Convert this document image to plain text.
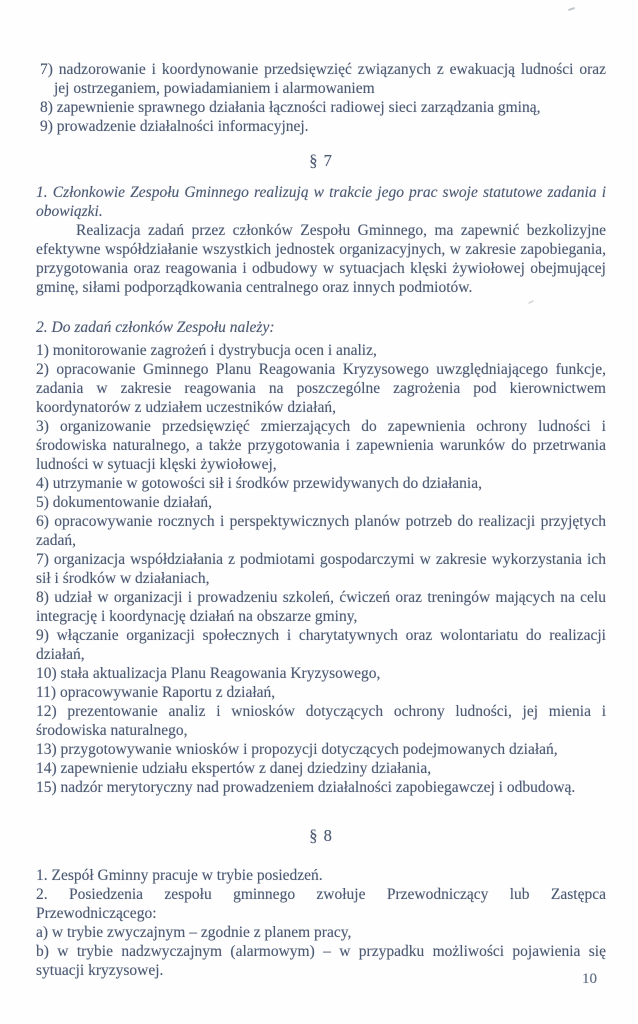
7) nadzorowanie i koordynowanie przedsięwzięć związanych z ewakuacją ludności oraz jej ostrzeganiem, powiadamianiem i alarmowaniem
8) zapewnienie sprawnego działania łączności radiowej sieci zarządzania gminą,
9) prowadzenie działalności informacyjnej.
§ 7
1. Członkowie Zespołu Gminnego realizują w trakcie jego prac swoje statutowe zadania i obowiązki.
Realizacja zadań przez członków Zespołu Gminnego, ma zapewnić bezkolizyjne efektywne współdziałanie wszystkich jednostek organizacyjnych, w zakresie zapobiegania, przygotowania oraz reagowania i odbudowy w sytuacjach klęski żywiołowej obejmującej gminę, siłami podporządkowania centralnego oraz innych podmiotów.
2. Do zadań członków Zespołu należy:
1) monitorowanie zagrożeń i dystrybucja ocen i analiz,
2) opracowanie Gminnego Planu Reagowania Kryzysowego uwzględniającego funkcje, zadania w zakresie reagowania na poszczególne zagrożenia pod kierownictwem koordynatorów z udziałem uczestników działań,
3) organizowanie przedsięwzięć zmierzających do zapewnienia ochrony ludności i środowiska naturalnego, a także przygotowania i zapewnienia warunków do przetrwania ludności w sytuacji klęski żywiołowej,
4) utrzymanie w gotowości sił i środków przewidywanych do działania,
5) dokumentowanie działań,
6) opracowywanie rocznych i perspektywicznych planów potrzeb do realizacji przyjętych zadań,
7) organizacja współdziałania z podmiotami gospodarczymi w zakresie wykorzystania ich sił i środków w działaniach,
8) udział w organizacji i prowadzeniu szkoleń, ćwiczeń oraz treningów mających na celu integrację i koordynację działań na obszarze gminy,
9) włączanie organizacji społecznych i charytatywnych oraz wolontariatu do realizacji działań,
10) stała aktualizacja Planu Reagowania Kryzysowego,
11) opracowywanie Raportu z działań,
12) prezentowanie analiz i wniosków dotyczących ochrony ludności, jej mienia i środowiska naturalnego,
13) przygotowywanie wniosków i propozycji dotyczących podejmowanych działań,
14) zapewnienie udziału ekspertów z danej dziedziny działania,
15) nadzór merytoryczny nad prowadzeniem działalności zapobiegawczej i odbudową.
§ 8
1. Zespół Gminny pracuje w trybie posiedzeń.
2. Posiedzenia zespołu gminnego zwołuje Przewodniczący lub Zastępca Przewodniczącego:
a) w trybie zwyczajnym – zgodnie z planem pracy,
b) w trybie nadzwyczajnym (alarmowym) – w przypadku możliwości pojawienia się sytuacji kryzysowej.	10
